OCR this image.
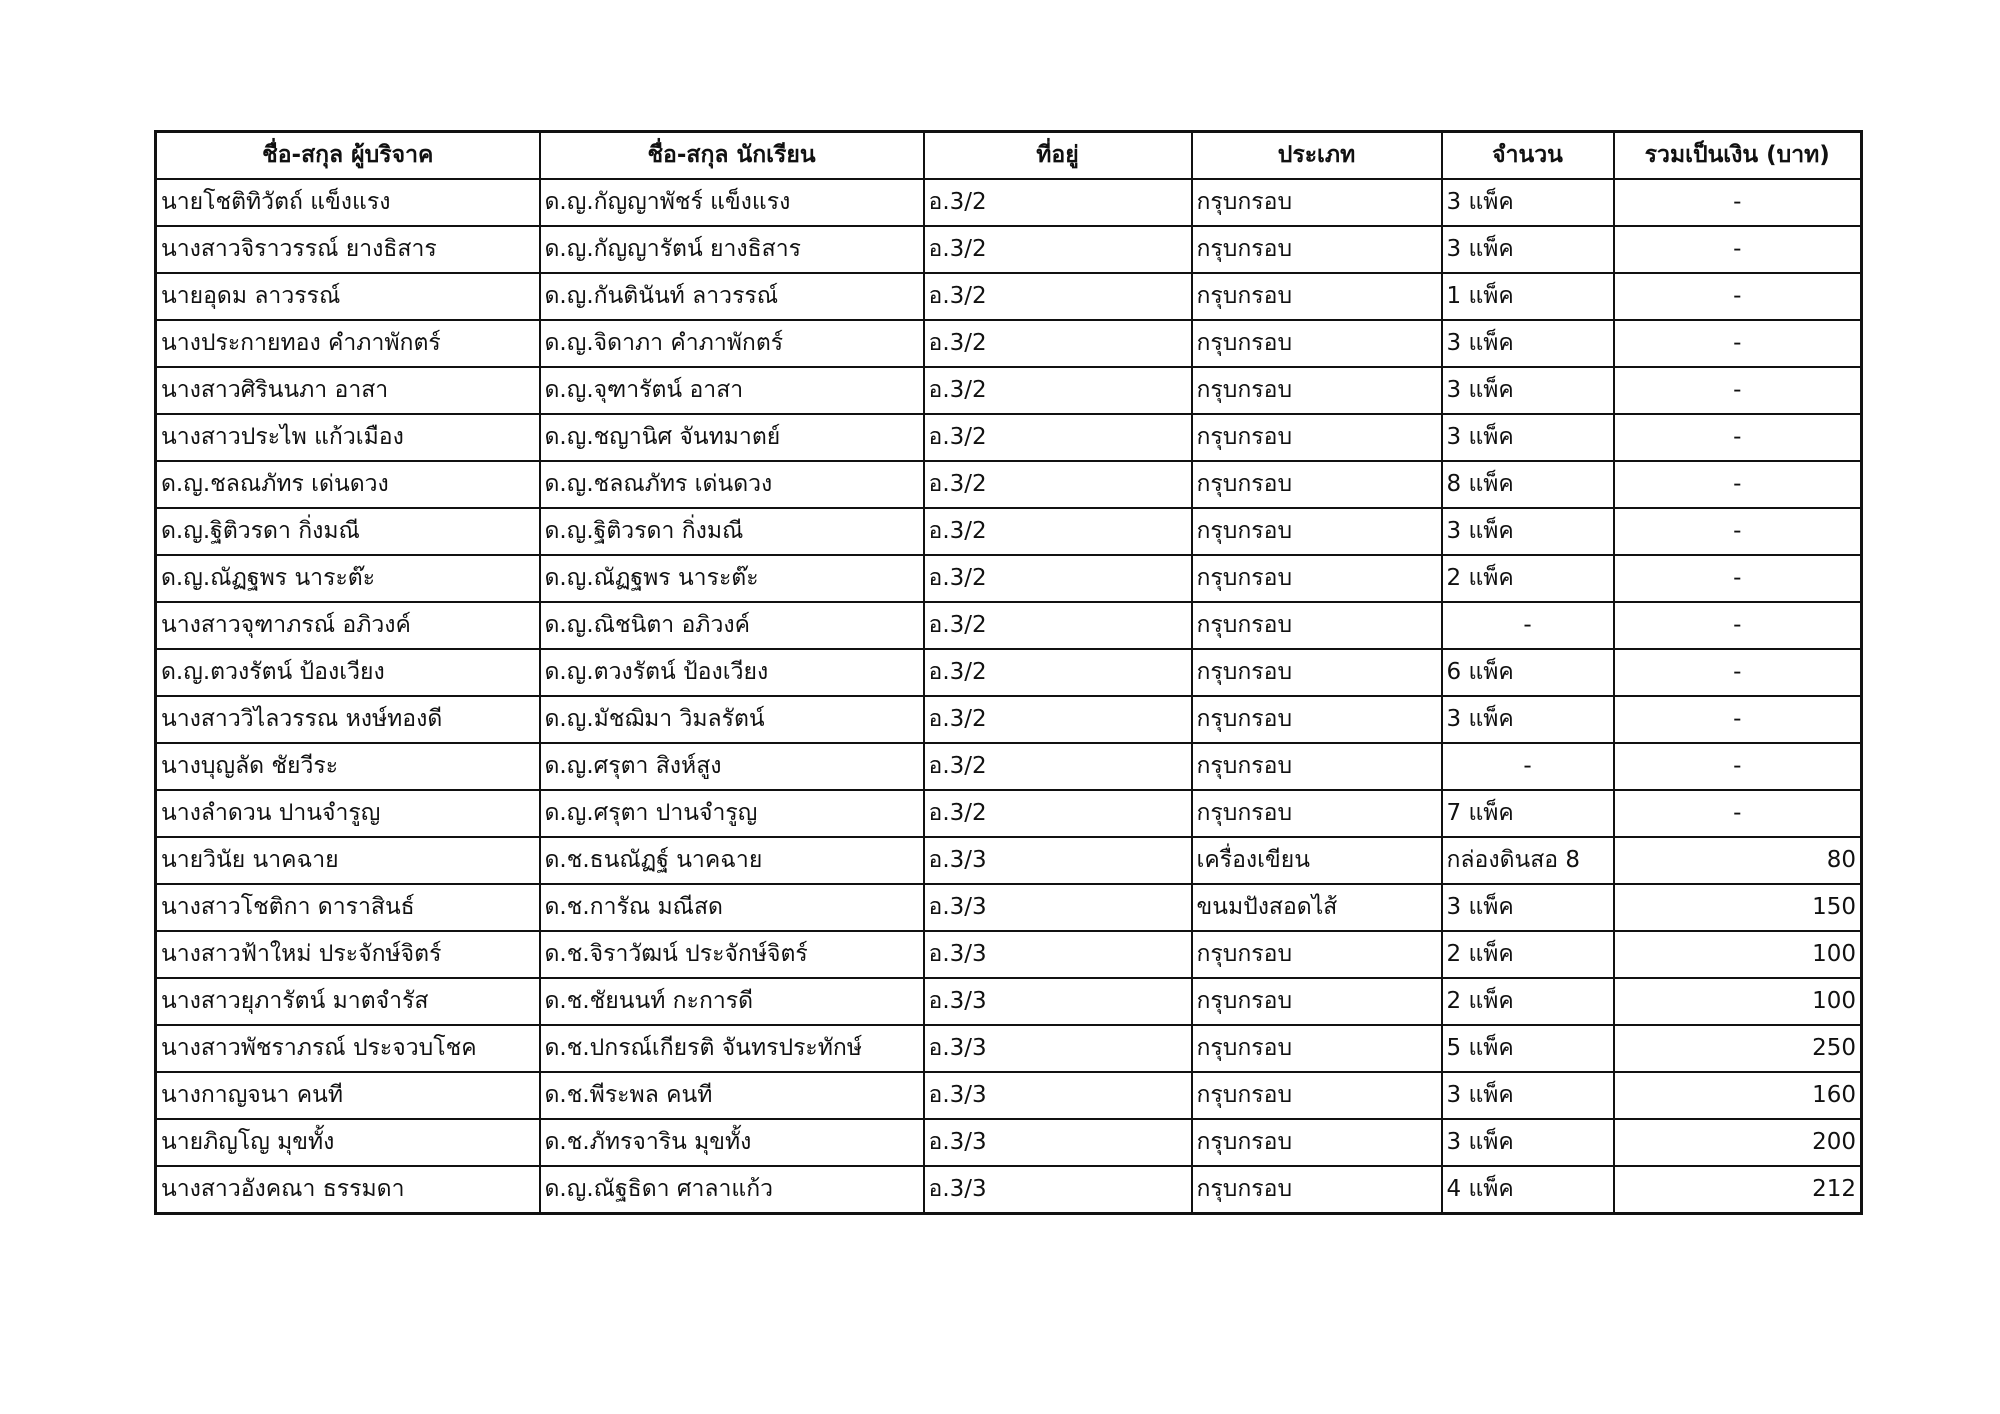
ชื่อ-สกุล ผู้บริจาค	ชื่อ-สกุล นักเรียน	ที่อยู่	ประเภท	จำนวน	รวมเป็นเงิน (บาท)
นายโชติทิวัตถ์ แข็งแรง	ด.ญ.กัญญาพัชร์ แข็งแรง	อ.3/2	กรุบกรอบ	3 แพ็ค	-
นางสาวจิราวรรณ์ ยางธิสาร	ด.ญ.กัญญารัตน์ ยางธิสาร	อ.3/2	กรุบกรอบ	3 แพ็ค	-
นายอุดม ลาวรรณ์	ด.ญ.กันตินันท์ ลาวรรณ์	อ.3/2	กรุบกรอบ	1 แพ็ค	-
นางประกายทอง คำภาพักตร์	ด.ญ.จิดาภา คำภาพักตร์	อ.3/2	กรุบกรอบ	3 แพ็ค	-
นางสาวศิรินนภา อาสา	ด.ญ.จุฑารัตน์ อาสา	อ.3/2	กรุบกรอบ	3 แพ็ค	-
นางสาวประไพ แก้วเมือง	ด.ญ.ชญานิศ จันทมาตย์	อ.3/2	กรุบกรอบ	3 แพ็ค	-
ด.ญ.ชลณภัทร เด่นดวง	ด.ญ.ชลณภัทร เด่นดวง	อ.3/2	กรุบกรอบ	8 แพ็ค	-
ด.ญ.ฐิติวรดา กิ่งมณี	ด.ญ.ฐิติวรดา กิ่งมณี	อ.3/2	กรุบกรอบ	3 แพ็ค	-
ด.ญ.ณัฏฐพร นาระต๊ะ	ด.ญ.ณัฏฐพร นาระต๊ะ	อ.3/2	กรุบกรอบ	2 แพ็ค	-
นางสาวจุฑาภรณ์ อภิวงค์	ด.ญ.ณิชนิตา อภิวงค์	อ.3/2	กรุบกรอบ	-	-
ด.ญ.ตวงรัตน์ ป้องเวียง	ด.ญ.ตวงรัตน์ ป้องเวียง	อ.3/2	กรุบกรอบ	6 แพ็ค	-
นางสาววิไลวรรณ หงษ์ทองดี	ด.ญ.มัชฌิมา วิมลรัตน์	อ.3/2	กรุบกรอบ	3 แพ็ค	-
นางบุญลัด ชัยวีระ	ด.ญ.ศรุตา สิงห์สูง	อ.3/2	กรุบกรอบ	-	-
นางลำดวน ปานจำรูญ	ด.ญ.ศรุตา ปานจำรูญ	อ.3/2	กรุบกรอบ	7 แพ็ค	-
นายวินัย นาคฉาย	ด.ช.ธนณัฏฐ์ นาคฉาย	อ.3/3	เครื่องเขียน	กล่องดินสอ 8	80
นางสาวโชติกา ดาราสินธ์	ด.ช.การัณ มณีสด	อ.3/3	ขนมปังสอดไส้	3 แพ็ค	150
นางสาวฟ้าใหม่ ประจักษ์จิตร์	ด.ช.จิราวัฒน์ ประจักษ์จิตร์	อ.3/3	กรุบกรอบ	2 แพ็ค	100
นางสาวยุภารัตน์ มาตจำรัส	ด.ช.ชัยนนท์ กะการดี	อ.3/3	กรุบกรอบ	2 แพ็ค	100
นางสาวพัชราภรณ์ ประจวบโชค	ด.ช.ปกรณ์เกียรติ จันทรประทักษ์	อ.3/3	กรุบกรอบ	5 แพ็ค	250
นางกาญจนา คนที	ด.ช.พีระพล คนที	อ.3/3	กรุบกรอบ	3 แพ็ค	160
นายภิญโญ มุขทั้ง	ด.ช.ภัทรจาริน มุขทั้ง	อ.3/3	กรุบกรอบ	3 แพ็ค	200
นางสาวอังคณา ธรรมดา	ด.ญ.ณัฐธิดา ศาลาแก้ว	อ.3/3	กรุบกรอบ	4 แพ็ค	212
